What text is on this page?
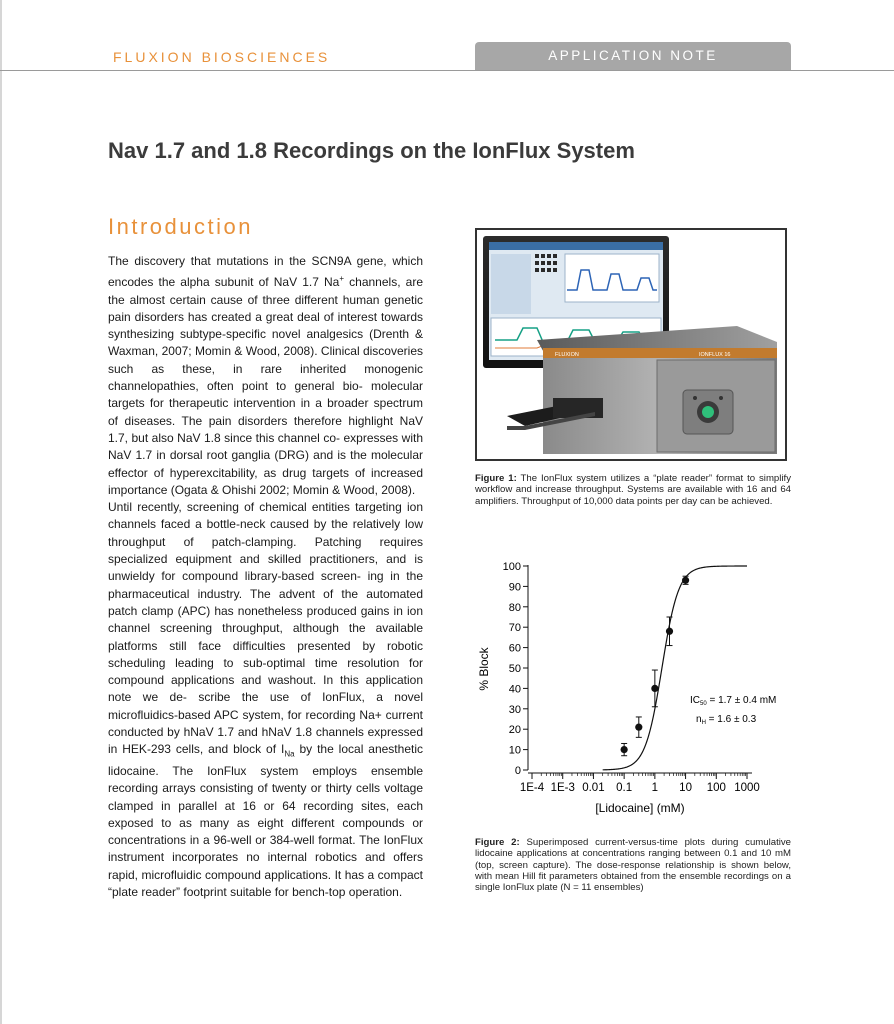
FLUXION BIOSCIENCES	APPLICATION NOTE
Nav 1.7 and 1.8 Recordings on the IonFlux System
Introduction

The discovery that mutations in the SCN9A gene, which encodes the alpha subunit of NaV 1.7 Na+ channels, are the almost certain cause of three different human genetic pain disorders has created a great deal of interest towards synthesizing subtype-specific novel analgesics (Drenth & Waxman, 2007; Momin & Wood, 2008). Clinical discoveries such as these, in rare inherited monogenic channelopathies, often point to general bio- molecular targets for therapeutic intervention in a broader spectrum of diseases. The pain disorders therefore highlight NaV 1.7, but also NaV 1.8 since this channel co- expresses with NaV 1.7 in dorsal root ganglia (DRG) and is the molecular effector of hyperexcitability, as drug targets of increased importance (Ogata & Ohishi 2002; Momin & Wood, 2008).

Until recently, screening of chemical entities targeting ion channels faced a bottle-neck caused by the relatively low throughput of patch-clamping. Patching requires specialized equipment and skilled practitioners, and is unwieldy for compound library-based screen- ing in the pharmaceutical industry. The advent of the automated patch clamp (APC) has nonetheless produced gains in ion channel screening throughput, although the available platforms still face difficulties presented by robotic scheduling leading to sub-optimal time resolution for compound applications and washout. In this application note we de- scribe the use of IonFlux, a novel microfluidics-based APC system, for recording Na+ current conducted by hNaV 1.7 and hNaV 1.8 channels expressed in HEK-293 cells, and block of $I_{Na}$ by the local anesthetic lidocaine. The IonFlux system employs ensemble recording arrays consisting of twenty or thirty cells voltage clamped in parallel at 16 or 64 recording sites, each exposed to as many as eight different compounds or concentrations in a 96-well or 384-well format. The IonFlux instrument incorporates no internal robotics and offers rapid, microfluidic compound applications. It has a compact “plate reader” footprint suitable for bench-top operation.

FLUXION	IONFLUX 16
Figure 1: The IonFlux system utilizes a “plate reader” format to simplify workflow and increase throughput. Systems are available with 16 and 64 amplifiers. Throughput of 10,000 data points per day can be achieved.
0
10
20
30
40
50
60
70
80
90
100
1E-4 1E-3 0.01 0.1 1 10 100 1000
% Block
[Lidocaine] (mM)
$IC_{50} = 1.7 \pm 0.4$ mM
$n_H = 1.6 \pm 0.3$
Figure 2: Superimposed current-versus-time plots during cumulative lidocaine applications at concentrations ranging between 0.1 and 10 mM (top, screen capture). The dose-response relationship is shown below, with mean Hill fit parameters obtained from the ensemble recordings on a single IonFlux plate (N = 11 ensembles)
